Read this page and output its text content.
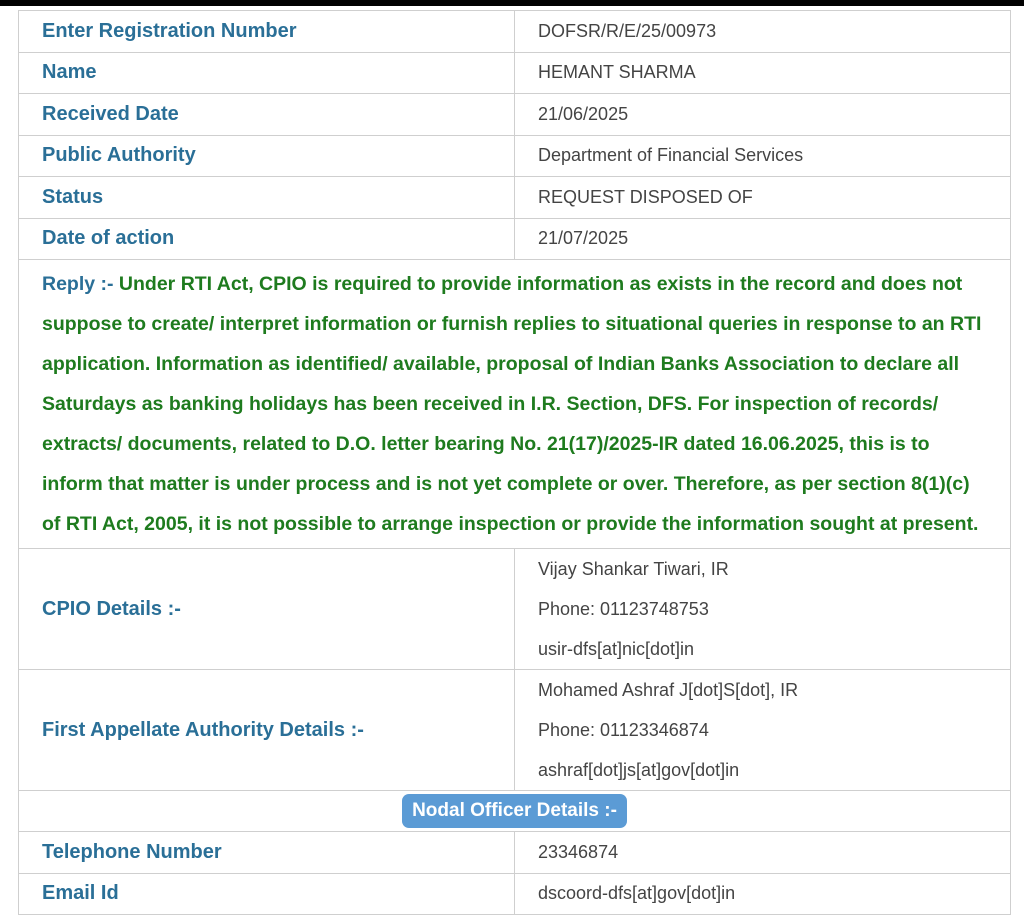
Enter Registration Number	DOFSR/R/E/25/00973
Name	HEMANT SHARMA
Received Date	21/06/2025
Public Authority	Department of Financial Services
Status	REQUEST DISPOSED OF
Date of action	21/07/2025
Reply :- Under RTI Act, CPIO is required to provide information as exists in the record and does not suppose to create/ interpret information or furnish replies to situational queries in response to an RTI application. Information as identified/ available, proposal of Indian Banks Association to declare all Saturdays as banking holidays has been received in I.R. Section, DFS. For inspection of records/ extracts/ documents, related to D.O. letter bearing No. 21(17)/2025-IR dated 16.06.2025, this is to inform that matter is under process and is not yet complete or over. Therefore, as per section 8(1)(c) of RTI Act, 2005, it is not possible to arrange inspection or provide the information sought at present.	
CPIO Details :-	Vijay Shankar Tiwari, IR
Phone: 01123748753
usir-dfs[at]nic[dot]in

First Appellate Authority Details :-	Mohamed Ashraf J[dot]S[dot], IR
Phone: 01123346874
ashraf[dot]js[at]gov[dot]in

Nodal Officer Details :-	
Telephone Number	23346874
Email Id	dscoord-dfs[at]gov[dot]in
